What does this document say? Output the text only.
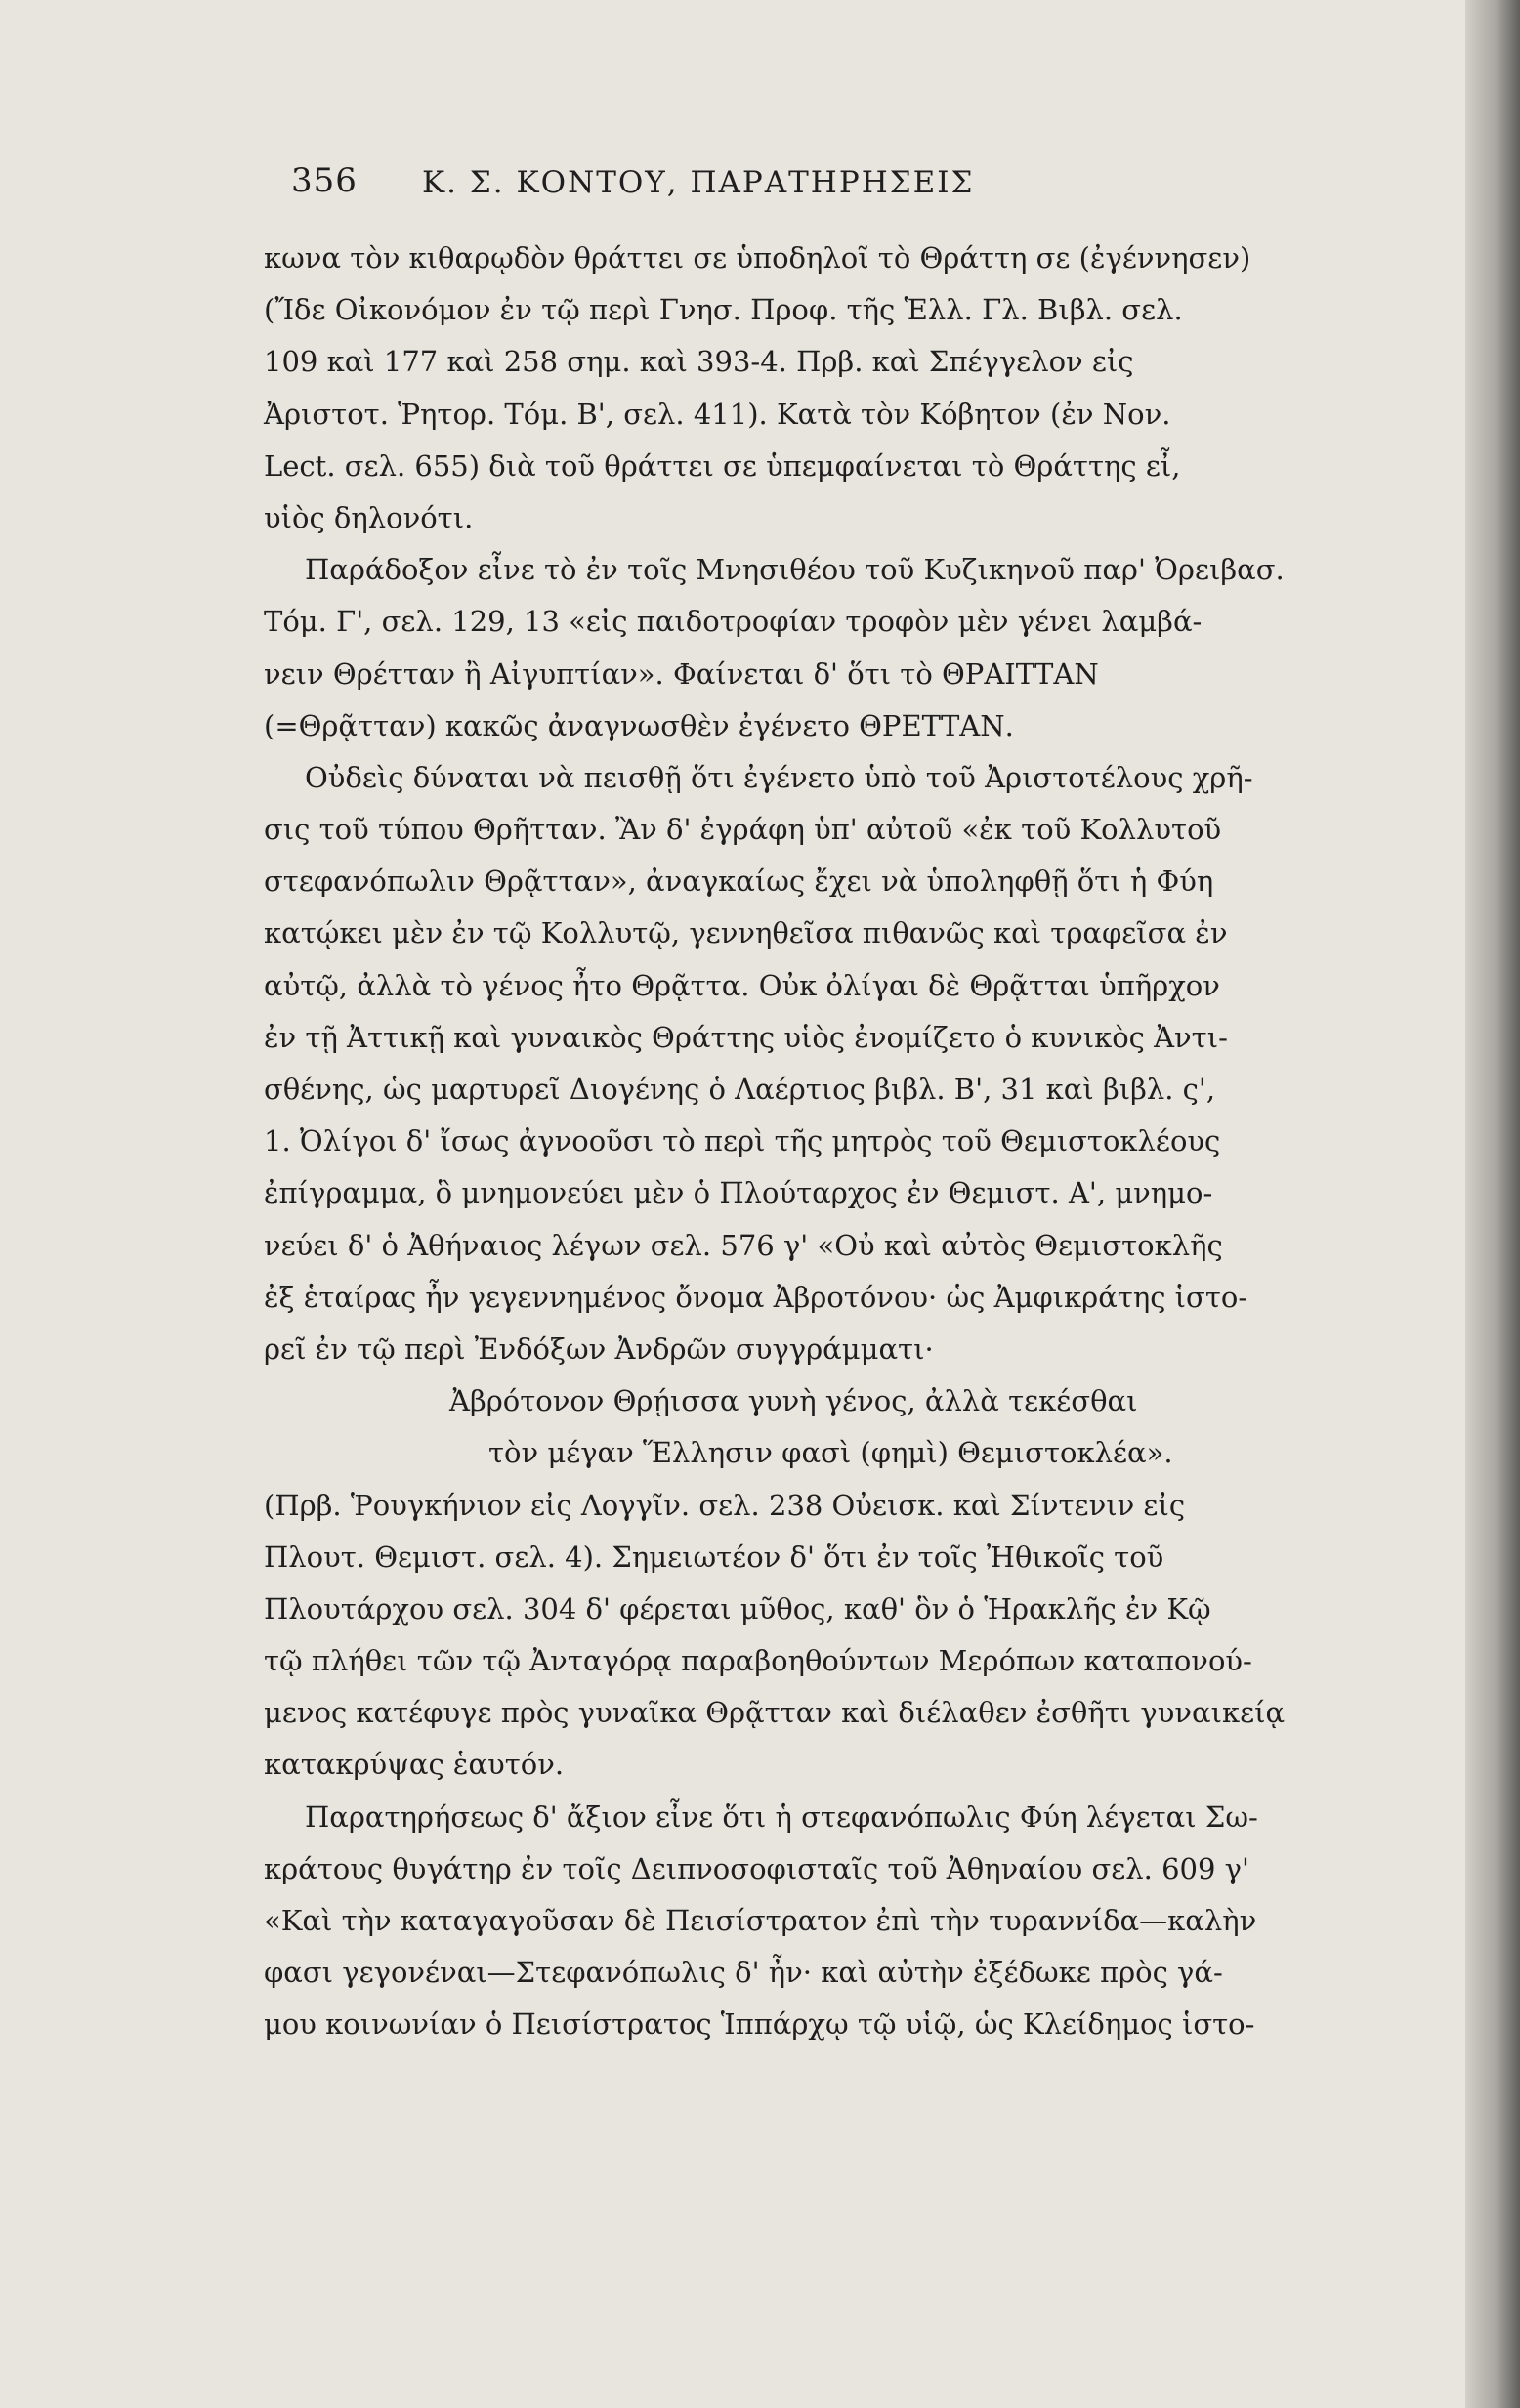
356 Κ. Σ. ΚΟΝΤΟΥ, ΠΑΡΑΤΗΡΗΣΕΙΣ
κωνα τὸν κιθαρῳδὸν θράττει σε ὑποδηλοῖ τὸ Θράττη σε (ἐγέννησεν)
(Ἴδε Οἰκονόμον ἐν τῷ περὶ Γνησ. Προφ. τῆς Ἑλλ. Γλ. Βιβλ. σελ.
109 καὶ 177 καὶ 258 σημ. καὶ 393-4. Πρβ. καὶ Σπέγγελον εἰς
Ἀριστοτ. Ῥητορ. Τόμ. Β', σελ. 411). Κατὰ τὸν Κόβητον (ἐν Νον.
Lect. σελ. 655) διὰ τοῦ θράττει σε ὑπεμφαίνεται τὸ Θράττης εἶ,
υἱὸς δηλονότι.
Παράδοξον εἶνε τὸ ἐν τοῖς Μνησιθέου τοῦ Κυζικηνοῦ παρ' Ὀρειβασ.
Τόμ. Γ', σελ. 129, 13 «εἰς παιδοτροφίαν τροφὸν μὲν γένει λαμβά-
νειν Θρέτταν ἢ Αἰγυπτίαν». Φαίνεται δ' ὅτι τὸ ΘΡΑΙΤΤΑΝ
(=Θρᾷτταν) κακῶς ἀναγνωσθὲν ἐγένετο ΘΡΕΤΤΑΝ.
Οὐδεὶς δύναται νὰ πεισθῇ ὅτι ἐγένετο ὑπὸ τοῦ Ἀριστοτέλους χρῆ-
σις τοῦ τύπου Θρῆτταν. Ἂν δ' ἐγράφη ὑπ' αὐτοῦ «ἐκ τοῦ Κολλυτοῦ
στεφανόπωλιν Θρᾷτταν», ἀναγκαίως ἔχει νὰ ὑποληφθῇ ὅτι ἡ Φύη
κατῴκει μὲν ἐν τῷ Κολλυτῷ, γεννηθεῖσα πιθανῶς καὶ τραφεῖσα ἐν
αὐτῷ, ἀλλὰ τὸ γένος ἦτο Θρᾷττα. Οὐκ ὀλίγαι δὲ Θρᾷτται ὑπῆρχον
ἐν τῇ Ἀττικῇ καὶ γυναικὸς Θράττης υἱὸς ἐνομίζετο ὁ κυνικὸς Ἀντι-
σθένης, ὡς μαρτυρεῖ Διογένης ὁ Λαέρτιος βιβλ. Β', 31 καὶ βιβλ. ς',
1. Ὀλίγοι δ' ἴσως ἀγνοοῦσι τὸ περὶ τῆς μητρὸς τοῦ Θεμιστοκλέους
ἐπίγραμμα, ὃ μνημονεύει μὲν ὁ Πλούταρχος ἐν Θεμιστ. Α', μνημο-
νεύει δ' ὁ Ἀθήναιος λέγων σελ. 576 γ' «Οὐ καὶ αὐτὸς Θεμιστοκλῆς
ἐξ ἑταίρας ἦν γεγεννημένος ὄνομα Ἀβροτόνου· ὡς Ἀμφικράτης ἱστο-
ρεῖ ἐν τῷ περὶ Ἐνδόξων Ἀνδρῶν συγγράμματι·
Ἀβρότονον Θρῄισσα γυνὴ γένος, ἀλλὰ τεκέσθαι
τὸν μέγαν Ἕλλησιν φασὶ (φημὶ) Θεμιστοκλέα».
(Πρβ. Ῥουγκήνιον εἰς Λογγῖν. σελ. 238 Οὐεισκ. καὶ Σίντενιν εἰς
Πλουτ. Θεμιστ. σελ. 4). Σημειωτέον δ' ὅτι ἐν τοῖς Ἠθικοῖς τοῦ
Πλουτάρχου σελ. 304 δ' φέρεται μῦθος, καθ' ὃν ὁ Ἡρακλῆς ἐν Κῷ
τῷ πλήθει τῶν τῷ Ἀνταγόρᾳ παραβοηθούντων Μερόπων καταπονού-
μενος κατέφυγε πρὸς γυναῖκα Θρᾷτταν καὶ διέλαθεν ἐσθῆτι γυναικείᾳ
κατακρύψας ἑαυτόν.
Παρατηρήσεως δ' ἄξιον εἶνε ὅτι ἡ στεφανόπωλις Φύη λέγεται Σω-
κράτους θυγάτηρ ἐν τοῖς Δειπνοσοφισταῖς τοῦ Ἀθηναίου σελ. 609 γ'
«Καὶ τὴν καταγαγοῦσαν δὲ Πεισίστρατον ἐπὶ τὴν τυραννίδα—καλὴν
φασι γεγονέναι—Στεφανόπωλις δ' ἦν· καὶ αὐτὴν ἐξέδωκε πρὸς γά-
μου κοινωνίαν ὁ Πεισίστρατος Ἱππάρχῳ τῷ υἱῷ, ὡς Κλείδημος ἱστο-
